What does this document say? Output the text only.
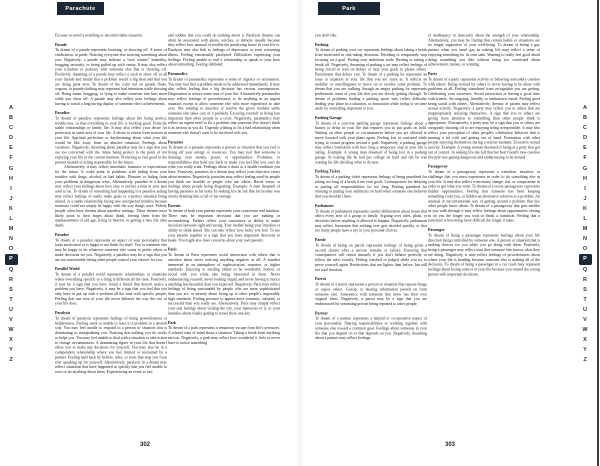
Parachute	Park
A
B
C
D
E
F
G
H
I
J
K
L
M
N
O
P
Q
R
S
T
U
V
W
X
Y
Z
A
B
C
D
E
F
G
H
I
J
K
L
M
N
O
P
Q
R
S
T
U
V
W
X
Y
Z

Excuses to avoid a troubling or uncomfortable situation.

Parade

To dream of a parade represents boasting, or showing off. A sense of vindication, or pride. Noticing everyone else noticing something about you. Negatively, a parade may indicate a “sore winner” mentality, bragging seriously, or being puffed up with vanity. It may also reflect your irritation or jealousy with someone else that is showing off. Positively, dreaming of a parade may reflect a wish to show off to all your friends and family that a problem wasn't a big deal and that you are doing great now. To dream of the color red on parade floats, wagons, or parade clothing may represent bad intentions while showing off. Being mean, bragging, or lying to make someone else hurt more while you show off. A parade may also reflect your feelings about having to watch a long boring display of someone else's achievements.

Paradise

To dream of paradise represents feelings about life being perfect, trouble-free, or that everything in your life is working good. Perfectly stable relationships or family life. It may also reflect your desire for perfection in some area of your life. A desire to retreat from stresses in your life. Spiritual perfection or daydreaming about what your life would be like away from an abusive situation. Feelings about vacations. Negatively, dreaming about paradise may be a sign that you are too concerned with the future being perfect to the point of not enjoying your life in the current moment. Preferring to feel good in the present instead of acting responsible for the future.

Alternatively, it may reflect unrealistic fantasies or expectations for the future. It could point to problems with hiding from your troubles with drugs, alcohol, or bad habits. Pleasure or hiding from your problems in dangerous ways. Alternatively, paradise in a dream may reflect your feelings about how easy or perfect a time in your past used to be. To dream of something bad happening in a paradise setting may reflect feelings of easily made goals or a perfect situation being ruined, or a stable relationship facing new unexpected troubles because someone could not simply be happy with the way things were. Elderly people often have dreams about paradise settings. These dreams most likely point to their hopes about death, freeing them from the unpleasantness of old age, living in heaven, or getting a new life after death.

Paradox

To dream of a paradox represents an aspect of your personality that lacks motivation or is happy to not think for itself. You or someone else may be happy to do whatever someone else wants or prefer others to make decisions for you. Negatively, a paradox may be a sign that you are too comfortable letting other people control your choices for you.

Parallel World

To dream of a parallel world represents relationships or situations where everything specific to a thing is different all the time. Positively, it may be a sign that you have found a friend that doesn't notice a problem you have. Negatively, it may be a sign that you feel that you only have to put up with a problem all the time with specific people. Feeling that one area of your life never behaves the way the rest of your life does.

Paralysis

To dream of paralysis represents feelings of being powerlessness or helplessness. Feeling stuck or unable to react to a problem in a desired way. You may feel unable to respond to a person or situation that is dominating or manipulating you. Noticing that nothing you do works or helps you. You may feel unable to deal with a situation or take action to change circumstances. A dominating figure in your life that doesn't allow you to make any decisions for yourself. You may also be in a codependent relationship where you feel limited or restrained by a partner. Feeling held back by beliefs, rules, or fears that stop you from ever speaking up for yourself. Alternatively, paralysis in a dream may reflect situations that have happened so quickly that you feel unable to react or do anything about them. Experiencing an event so fast

and sudden that you could do nothing about it. Paralysis dreams can often be associated with aliens, witches, or demons usually because they reflect how unusual or terrible the paralyzing factor in your life is. Paralysis may also link to feelings of depression or even worsening illness. Feeling emotionally paralyzed. Difficulties expressing your feelings. Feeling unable to end a relationship or speak to your boss about something. Feeling inhibited.

Paramedics

To dream of paramedics represents a sense of urgency or seriousness. You may feel that a problem needs to be addressed immediately. It may also reflect feeling that a big decision has serious consequences. Desperation to restore some area of your life. Alternatively, paramedics may reflect feelings of powerlessness to do anything in an urgent situation except to allow someone else with more experience to take over. Not wanting to interfere or resolve the given troubles while someone else takes care of a problem. Excusing yourself as being less important than other people in a crisis. Negatively, paramedics may reflect an urgent need to fix a problem that someone else doesn't think is as serious as you do. Urgently wishing to fix a bad relationship when someone else doesn't want to be involved with you.

Parasites

To dream of a parasite represents a person or situation that you feel is living off your energy or resources. You may feel that someone is draining your money, power, or opportunities. Problems, or responsibilities that hold you back or make you feel like you can't do what you really want. Feelings about a drain or a health condition you have. Positively, parasites in a dream may reflect your objective views about enemies. Negatively, parasites may reflect feeling used by people you think are horrible or people who use others. Racist views or feelings about people being disgusting. Example: A man dreamed of having parasites in his body. In waking life he felt that his brother was slowly draining him of all of his savings.

Parents

To dream of both your parents represents your conscience and intuition. There may be important decisions that you are making or reconsidering. Fathers reflect your conscience or ability to make decisions between right and wrong. Your mother being your intuition or ability to think ahead. She can also reflect how lucky you feel. To see your parents together is a sign that you have important decisions to make. You might also have concerns about your own parents.

Paris

To dream of Paris represents social interaction with others that is sensitive about never noticing anything negative at all. A mindset immersed in an atmosphere of sophistication, romance, or higher standards. Enjoying or needing others to be wonderful, honest, or social with you while also being interested in them. Never embarrassing yourself, never looking stupid, and never having to notice anything less beautiful than you expected. Negatively, Paris may reflect feelings of being surrounded by people who are more sophisticated than you are, or anxiety about living up to other people's impossibly high standards. Feeling pressure to appear more romantic, cultured, or successful than you really are. Alternatively, Paris may simply reflect your real feelings about visiting the city, your memories of it, or your fantasies about finally getting to travel there one day.

Park

To dream of a park represents a temporary escape from life's pressures. A relaxed state of mind about a situation. Taking a break from anything serious. Negatively, a park may reflect how wonderful it feels to never have to notice something

you don't like.

Parking

To dream of parking your car represents feelings about taking a break from motivated or risk-taking decisions. Deciding to temporarily stop focusing on a goal. Putting your ambitions aside. Resting or taking a break off. Negatively, dreaming of parking a car may reflect feelings of being forced to wait on delays or stop your goals to please others. Punishment that delays you. To dream of a parking lot represents an issue or situation in your life that you are stuck in. It reflects an inability or unwillingness to move on or resolve some problem. To dream that you are walking through an empty parking lot represents problematic areas of your life that you are slowly getting through. To dream of problems finding a parking space may reflect difficulty finding your place in a situation, or frustration while trying to set time aside for something important to you.

Parking Garage

To dream of a concrete parking garage represents feelings about a barrier or delay in your life that requires you to put goals on hold. Waiting on other people or circumstances before you are allowed to move forward with your plans again. Feeling lost or confused while trying to restart progress toward a goal. Negatively, a parking garage may reflect frustration with how long a temporary stop in your life is taking. Example: A young man dreamed of being lost in a parking garage. In waking life he had put college on hold and felt he was wasting his life deciding what to do next.

Parking Ticket

To dream of a parking ticket represents feelings of being penalized for taking too long of a break from your goals. Consequences for delaying or putting off responsibilities for too long. Feeling punished for relaxing or putting your ambitions on hold when someone else believes that you shouldn't have.

Parliament

To dream of parliament represents careful deliberation about issues that affect every area of a group or family. Arguing over rules, plans, or decisions before anything is allowed to happen. Negatively, parliament may reflect frustration that nothing ever gets decided quickly, or that too many people have a say in your personal choices.

Parole

To dream of being on parole represents feelings of being given a second chance after a serious mistake or failure. Knowing that consequences will return instantly if you don't behave perfectly or follow the rules exactly. Feeling watched or judged while you try to prove yourself again. Restrictions that are lighter than before, but still not total freedom.

Parrot

To dream of a parrot represents a person or situation that repeats things or copies others. Gossip, or hearing information passed on from someone else. Annoyance with someone that never has their own original ideas. Negatively, a parrot may be a sign that you are embarrassed by something private being repeated to other people.

Partner

To dream of a partner represents a helpful or co-operative aspect of your personality. Sharing responsibilities or working together with someone else toward a common goal. Feelings about someone in your life that you depend on or that depends on you. Negatively, dreaming about a partner may reflect feelings

of inadequacy or insecurity about the strength of your relationship. Alternatively, you may be finding that certain habits or situations are no longer supportive of your well-being. To dream of being a gay partner when you aren't gay in waking life may reflect a sense of enjoying something for its own sake. Wanting to really feel good about doing something you like without being too concerned about achievement, money, or winning.

Party

To dream of a party represents activity or behaving noticeably carefree with others. Being noticed by others or never having to be alone with problems at all. Feeling stimulated from recognition you are getting. Celebrating your successes. Social interaction or having a good time with friends. An outgoing, friendly, or enthusiastic mood. Feeling good being social with others. Alternatively, dreams of parties may reflect sexual activity. Negatively, a party may reflect you or others that are inappropriately enjoying themselves. A sign that you or others are giving more attention to something than other people think is appropriate. Alternatively, a party may be a sign that you or others are arrogantly showing off or are enjoying being irresponsible. It may also reflect your perception of other people's celebratory behavior that is running a bit wild and getting out of hand. Frustration with other people enjoying themselves during a serious moment. Excessive sexual activity. Example: A young woman dreamed of being at a party that got out of control. In waking life she felt that her best friend's new carefree lifestyle was getting dangerous and embarrassing to be around.

Passageway

To dream of a passageway represents a transition, situation, or challenge that you must experience in order to do something else in your life. It may also reflect a necessary change, test, or compromise in order to get what you want. To dream of a secret passageway represents hidden opportunities. Feeling that someone has been keeping something from you, or hidden an alternative solution to a problem. An unusual or unconventional way of getting around a problem that few other people know about. To dream of a passageway that gets smaller as you walk through it may reflect feelings about opportunities closing in on you the longer you wait to finish a transition. Feeling that a transition is becoming more difficult the longer it takes.

Passenger

To dream of being a passenger represents feelings about your life direction being controlled by someone else. A person or situation that is making choices for you while you go along with them. Positively, being a passenger may reflect trust that someone else knows what they are doing. Negatively, it may reflect feelings of powerlessness about where your life is heading because someone else is making all of the decisions. To dream of being a passenger in a car crash may represent feelings about losing control of your life because you trusted the wrong person with important decisions.

302	303
